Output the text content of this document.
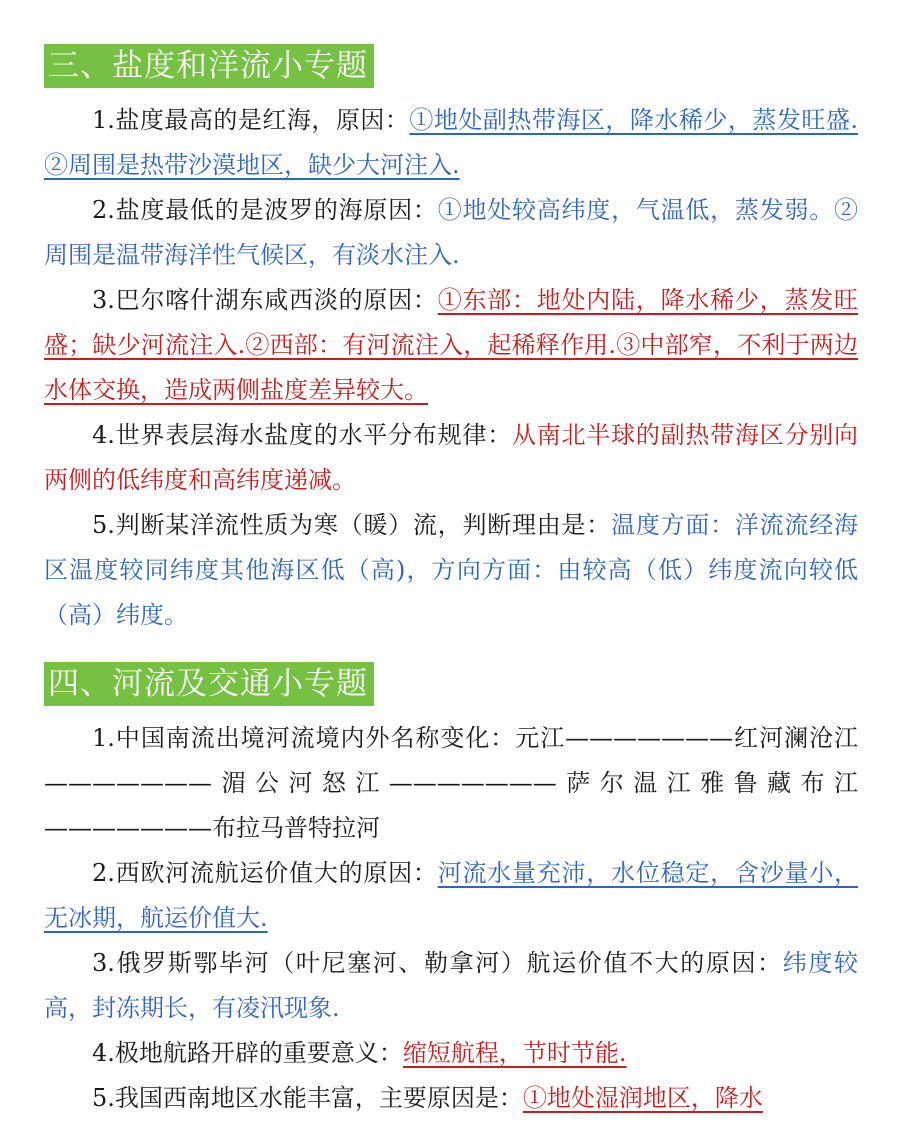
三、盐度和洋流小专题

1.盐度最高的是红海，原因：①地处副热带海区，降水稀少，蒸发旺盛.②周围是热带沙漠地区，缺少大河注入.

2.盐度最低的是波罗的海原因：①地处较高纬度，气温低，蒸发弱。②周围是温带海洋性气候区，有淡水注入.

3.巴尔喀什湖东咸西淡的原因：①东部：地处内陆，降水稀少，蒸发旺盛；缺少河流注入.②西部：有河流注入，起稀释作用.③中部窄，不利于两边水体交换，造成两侧盐度差异较大。

4.世界表层海水盐度的水平分布规律：从南北半球的副热带海区分别向两侧的低纬度和高纬度递减。

5.判断某洋流性质为寒（暖）流，判断理由是：温度方面：洋流流经海区温度较同纬度其他海区低（高)，方向方面：由较高（低）纬度流向较低（高）纬度。

四、河流及交通小专题

1.中国南流出境河流境内外名称变化：元江———————红河澜沧江———————湄公河怒江———————萨尔温江雅鲁藏布江———————布拉马普特拉河

2.西欧河流航运价值大的原因：河流水量充沛，水位稳定，含沙量小，无冰期，航运价值大.

3.俄罗斯鄂毕河（叶尼塞河、勒拿河）航运价值不大的原因：纬度较高，封冻期长，有凌汛现象.

4.极地航路开辟的重要意义：缩短航程，节时节能.

5.我国西南地区水能丰富，主要原因是：①地处湿润地区，降水
